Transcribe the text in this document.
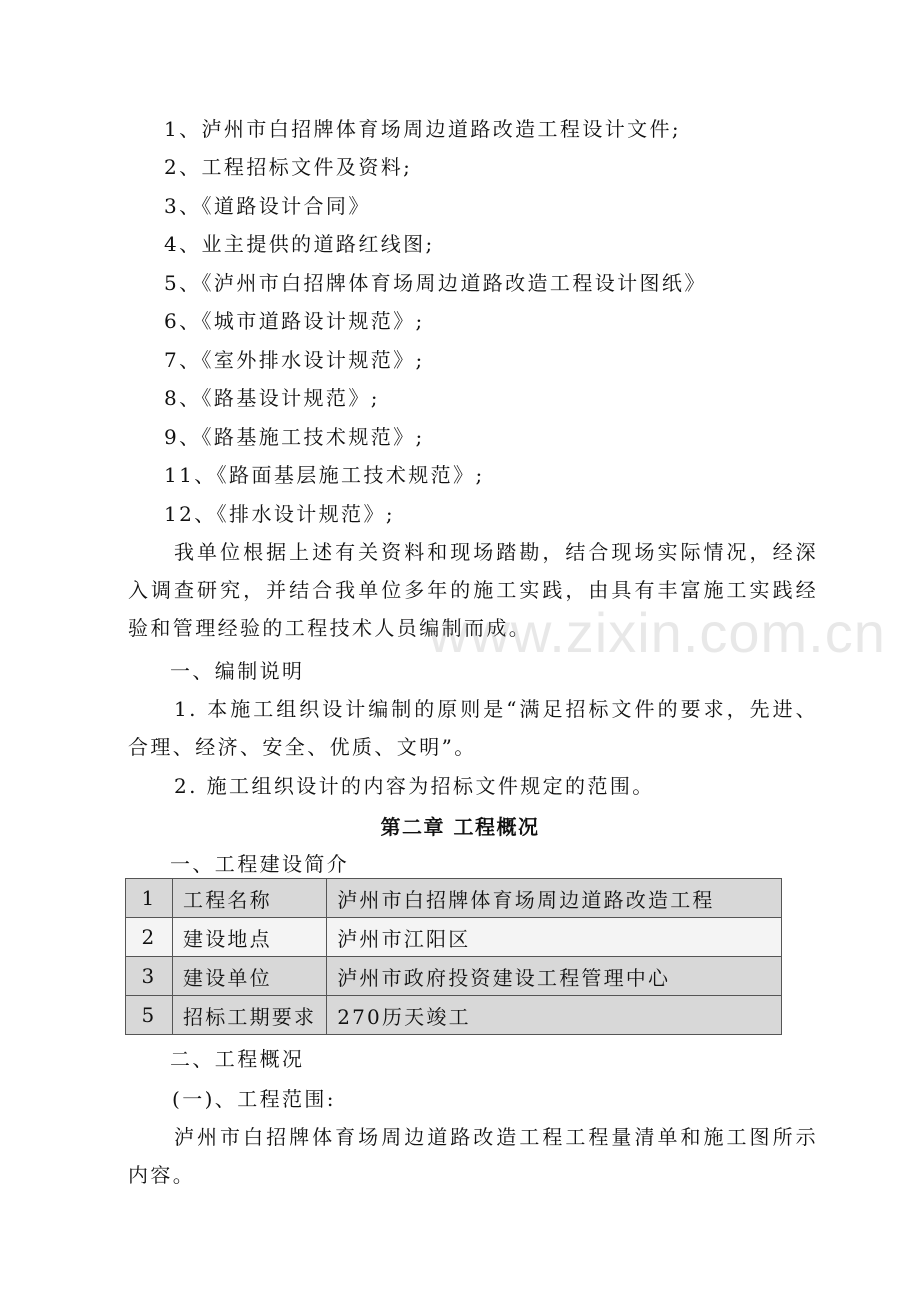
1、泸州市白招牌体育场周边道路改造工程设计文件;
2、工程招标文件及资料;
3、《道路设计合同》
4、业主提供的道路红线图;
5、《泸州市白招牌体育场周边道路改造工程设计图纸》
6、《城市道路设计规范》;
7、《室外排水设计规范》;
8、《路基设计规范》;
9、《路基施工技术规范》;
11、《路面基层施工技术规范》;
12、《排水设计规范》;
我单位根据上述有关资料和现场踏勘，结合现场实际情况，经深入调查研究，并结合我单位多年的施工实践，由具有丰富施工实践经验和管理经验的工程技术人员编制而成。
www.zixin.com.cn
一、编制说明
1. 本施工组织设计编制的原则是“满足招标文件的要求，先进、合理、经济、安全、优质、文明”。
2. 施工组织设计的内容为招标文件规定的范围。
第二章 工程概况
一、工程建设简介
1	工程名称	泸州市白招牌体育场周边道路改造工程
2	建设地点	泸州市江阳区
3	建设单位	泸州市政府投资建设工程管理中心
5	招标工期要求	270历天竣工
二、工程概况
(一)、工程范围:
泸州市白招牌体育场周边道路改造工程工程量清单和施工图所示内容。
